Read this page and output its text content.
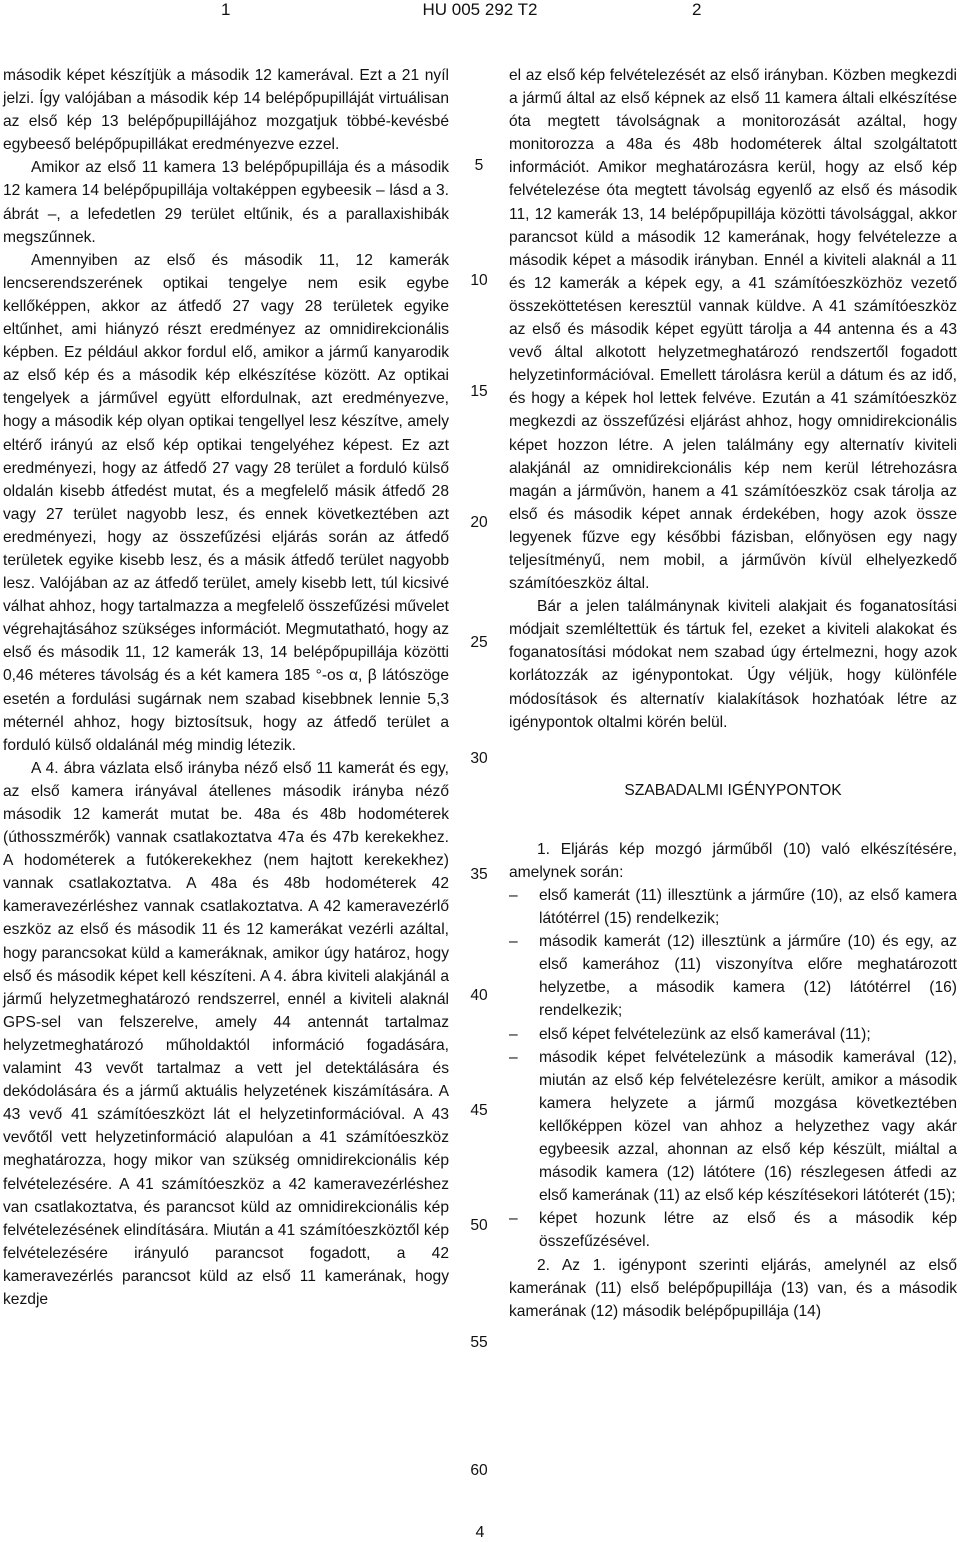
1	HU 005 292 T2	2

második képet készítjük a második 12 kamerával. Ezt a 21 nyíl jelzi. Így valójában a második kép 14 belépőpupilláját virtuálisan az első kép 13 belépőpupillájához mozgatjuk többé-kevésbé egybeeső belépőpupillákat eredményezve ezzel.

Amikor az első 11 kamera 13 belépőpupillája és a második 12 kamera 14 belépőpupillája voltaképpen egybeesik – lásd a 3. ábrát –, a lefedetlen 29 terület eltűnik, és a parallaxishibák megszűnnek.

Amennyiben az első és második 11, 12 kamerák lencserendszerének optikai tengelye nem esik egybe kellőképpen, akkor az átfedő 27 vagy 28 területek egyike eltűnhet, ami hiányzó részt eredményez az omnidirekcionális képben. Ez például akkor fordul elő, amikor a jármű kanyarodik az első kép és a második kép elkészítése között. Az optikai tengelyek a járművel együtt elfordulnak, azt eredményezve, hogy a második kép olyan optikai tengellyel lesz készítve, amely eltérő irányú az első kép optikai tengelyéhez képest. Ez azt eredményezi, hogy az átfedő 27 vagy 28 terület a forduló külső oldalán kisebb átfedést mutat, és a megfelelő másik átfedő 28 vagy 27 terület nagyobb lesz, és ennek következtében azt eredményezi, hogy az összefűzési eljárás során az átfedő területek egyike kisebb lesz, és a másik átfedő terület nagyobb lesz. Valójában az az átfedő terület, amely kisebb lett, túl kicsivé válhat ahhoz, hogy tartalmazza a megfelelő összefűzési művelet végrehajtásához szükséges információt. Megmutatható, hogy az első és második 11, 12 kamerák 13, 14 belépőpupillája közötti 0,46 méteres távolság és a két kamera 185 °-os α, β látószöge esetén a fordulási sugárnak nem szabad kisebbnek lennie 5,3 méternél ahhoz, hogy biztosítsuk, hogy az átfedő terület a forduló külső oldalánál még mindig létezik.

A 4. ábra vázlata első irányba néző első 11 kamerát és egy, az első kamera irányával átellenes második irányba néző második 12 kamerát mutat be. 48a és 48b hodométerek (úthosszmérők) vannak csatlakoztatva 47a és 47b kerekekhez. A hodométerek a futókerekekhez (nem hajtott kerekekhez) vannak csatlakoztatva. A 48a és 48b hodométerek 42 kameravezérléshez vannak csatlakoztatva. A 42 kameravezérlő eszköz az első és második 11 és 12 kamerákat vezérli azáltal, hogy parancsokat küld a kameráknak, amikor úgy határoz, hogy első és második képet kell készíteni. A 4. ábra kiviteli alakjánál a jármű helyzetmeghatározó rendszerrel, ennél a kiviteli alaknál GPS-sel van felszerelve, amely 44 antennát tartalmaz helyzetmeghatározó műholdaktól információ fogadására, valamint 43 vevőt tartalmaz a vett jel detektálására és dekódolására és a jármű aktuális helyzetének kiszámítására. A 43 vevő 41 számítóeszközt lát el helyzetinformációval. A 43 vevőtől vett helyzetinformáció alapulóan a 41 számítóeszköz meghatározza, hogy mikor van szükség omnidirekcionális kép felvételezésére. A 41 számítóeszköz a 42 kameravezérléshez van csatlakoztatva, és parancsot küld az omnidirekcionális kép felvételezésének elindítására. Miután a 41 számítóeszköztől kép felvételezésére irányuló parancsot fogadott, a 42 kameravezérlés parancsot küld az első 11 kamerának, hogy kezdje

el az első kép felvételezését az első irányban. Közben megkezdi a jármű által az első képnek az első 11 kamera általi elkészítése óta megtett távolságnak a monitorozását azáltal, hogy monitorozza a 48a és 48b hodométerek által szolgáltatott információt. Amikor meghatározásra kerül, hogy az első kép felvételezése óta megtett távolság egyenlő az első és második 11, 12 kamerák 13, 14 belépőpupillája közötti távolsággal, akkor parancsot küld a második 12 kamerának, hogy felvételezze a második képet a második irányban. Ennél a kiviteli alaknál a 11 és 12 kamerák a képek egy, a 41 számítóeszközhöz vezető összeköttetésen keresztül vannak küldve. A 41 számítóeszköz az első és második képet együtt tárolja a 44 antenna és a 43 vevő által alkotott helyzetmeghatározó rendszertől fogadott helyzetinformációval. Emellett tárolásra kerül a dátum és az idő, és hogy a képek hol lettek felvéve. Ezután a 41 számítóeszköz megkezdi az összefűzési eljárást ahhoz, hogy omnidirekcionális képet hozzon létre. A jelen találmány egy alternatív kiviteli alakjánál az omnidirekcionális kép nem kerül létrehozásra magán a járművön, hanem a 41 számítóeszköz csak tárolja az első és második képet annak érdekében, hogy azok össze legyenek fűzve egy későbbi fázisban, előnyösen egy nagy teljesítményű, nem mobil, a járművön kívül elhelyezkedő számítóeszköz által.

Bár a jelen találmánynak kiviteli alakjait és foganatosítási módjait szemléltettük és tártuk fel, ezeket a kiviteli alakokat és foganatosítási módokat nem szabad úgy értelmezni, hogy azok korlátozzák az igénypontokat. Úgy véljük, hogy különféle módosítások és alternatív kialakítások hozhatóak létre az igénypontok oltalmi körén belül.

SZABADALMI IGÉNYPONTOK

1. Eljárás kép mozgó járműből (10) való elkészítésére, amelynek során:

– első kamerát (11) illesztünk a járműre (10), az első kamera látótérrel (15) rendelkezik;
– második kamerát (12) illesztünk a járműre (10) és egy, az első kamerához (11) viszonyítva előre meghatározott helyzetbe, a második kamera (12) látótérrel (16) rendelkezik;
– első képet felvételezünk az első kamerával (11);
– második képet felvételezünk a második kamerával (12), miután az első kép felvételezésre került, amikor a második kamera helyzete a jármű mozgása következtében kellőképpen közel van ahhoz a helyzethez vagy akár egybeesik azzal, ahonnan az első kép készült, miáltal a második kamera (12) látótere (16) részlegesen átfedi az első kamerának (11) az első kép készítésekori látóterét (15);
– képet hozunk létre az első és a második kép összefűzésével.

2. Az 1. igénypont szerinti eljárás, amelynél az első kamerának (11) első belépőpupillája (13) van, és a második kamerának (12) második belépőpupillája (14)

5
10
15
20
25
30
35
40
45
50
55
60
4
